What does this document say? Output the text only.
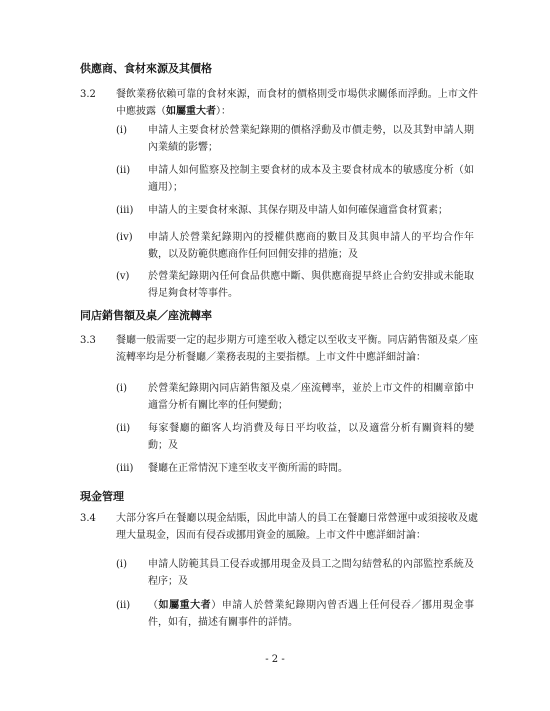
供應商、食材來源及其價格
3.2 餐飲業務依賴可靠的食材來源，而食材的價格則受市場供求關係而浮動。上市文件中應披露（如屬重大者）：
(i) 申請人主要食材於營業紀錄期的價格浮動及市價走勢，以及其對申請人期內業績的影響；
(ii) 申請人如何監察及控制主要食材的成本及主要食材成本的敏感度分析（如適用）；
(iii) 申請人的主要食材來源、其保存期及申請人如何確保適當食材質素；
(iv) 申請人於營業紀錄期內的授權供應商的數目及其與申請人的平均合作年數，以及防範供應商作任何回佣安排的措施；及
(v) 於營業紀錄期內任何食品供應中斷、與供應商提早終止合約安排或未能取得足夠食材等事件。
同店銷售額及桌／座流轉率
3.3 餐廳一般需要一定的起步期方可達至收入穩定以至收支平衡。同店銷售額及桌／座流轉率均是分析餐廳／業務表現的主要指標。上市文件中應詳細討論：
(i) 於營業紀錄期內同店銷售額及桌／座流轉率，並於上市文件的相關章節中適當分析有關比率的任何變動；
(ii) 每家餐廳的顧客人均消費及每日平均收益，以及適當分析有關資料的變動；及
(iii) 餐廳在正常情況下達至收支平衡所需的時間。
現金管理
3.4 大部分客戶在餐廳以現金結賬，因此申請人的員工在餐廳日常營運中或須接收及處理大量現金，因而有侵吞或挪用資金的風險。上市文件中應詳細討論：
(i) 申請人防範其員工侵吞或挪用現金及員工之間勾結營私的內部監控系統及程序；及
(ii) （如屬重大者）申請人於營業紀錄期內曾否遇上任何侵吞／挪用現金事件，如有，描述有關事件的詳情。
- 2 -
